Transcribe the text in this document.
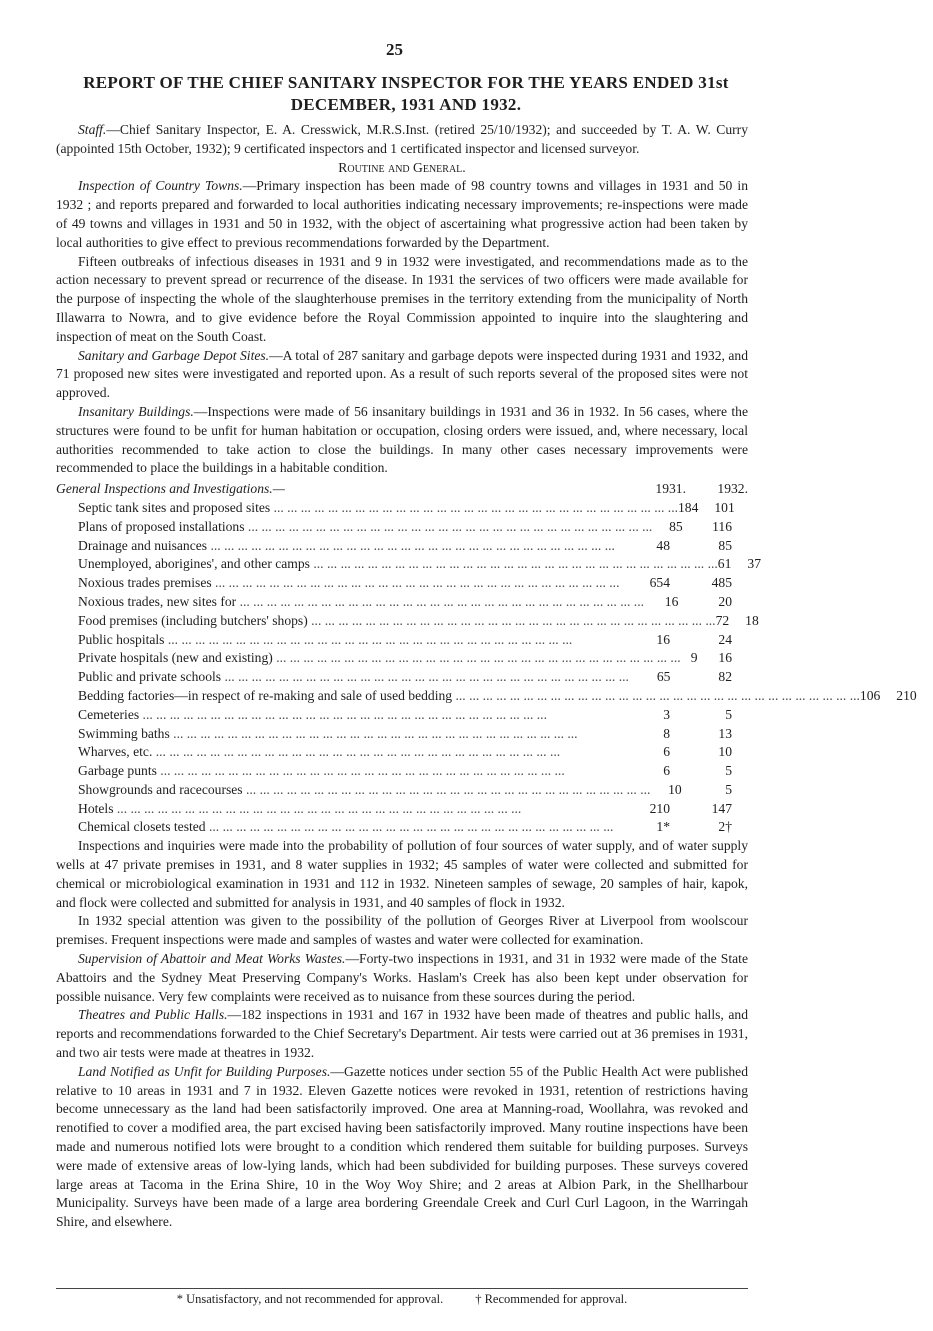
25
REPORT OF THE CHIEF SANITARY INSPECTOR FOR THE YEARS ENDED 31st DECEMBER, 1931 AND 1932.

Staff.—Chief Sanitary Inspector, E. A. Cresswick, M.R.S.Inst. (retired 25/10/1932); and succeeded by T. A. W. Curry (appointed 15th October, 1932); 9 certificated inspectors and 1 certificated inspector and licensed surveyor.

Routine and General.

Inspection of Country Towns.—Primary inspection has been made of 98 country towns and villages in 1931 and 50 in 1932 ; and reports prepared and forwarded to local authorities indicating necessary improvements; re-inspections were made of 49 towns and villages in 1931 and 50 in 1932, with the object of ascertaining what progressive action had been taken by local authorities to give effect to previous recommendations forwarded by the Department.

Fifteen outbreaks of infectious diseases in 1931 and 9 in 1932 were investigated, and recommendations made as to the action necessary to prevent spread or recurrence of the disease. In 1931 the services of two officers were made available for the purpose of inspecting the whole of the slaughterhouse premises in the territory extending from the municipality of North Illawarra to Nowra, and to give evidence before the Royal Commission appointed to inquire into the slaughtering and inspection of meat on the South Coast.

Sanitary and Garbage Depot Sites.—A total of 287 sanitary and garbage depots were inspected during 1931 and 1932, and 71 proposed new sites were investigated and reported upon. As a result of such reports several of the proposed sites were not approved.

Insanitary Buildings.—Inspections were made of 56 insanitary buildings in 1931 and 36 in 1932. In 56 cases, where the structures were found to be unfit for human habitation or occupation, closing orders were issued, and, where necessary, local authorities recommended to take action to close the buildings. In many other cases necessary improvements were recommended to place the buildings in a habitable condition.

General Inspections and Investigations.—	1931.	1932.
Septic tank sites and proposed sites ... ... ... ... ... ... ... ... ... ... ... ... ... ... ... ... ... ... ... ... ... ... ... ... ... ... ... ... ... ... 184	101
Plans of proposed installations ... ... ... ... ... ... ... ... ... ... ... ... ... ... ... ... ... ... ... ... ... ... ... ... ... ... ... ... ... ...	85	116
Drainage and nuisances ... ... ... ... ... ... ... ... ... ... ... ... ... ... ... ... ... ... ... ... ... ... ... ... ... ... ... ... ... ...	48	85
Unemployed, aborigines', and other camps ... ... ... ... ... ... ... ... ... ... ... ... ... ... ... ... ... ... ... ... ... ... ... ... ... ... ... ... ... ... 61	37
Noxious trades premises ... ... ... ... ... ... ... ... ... ... ... ... ... ... ... ... ... ... ... ... ... ... ... ... ... ... ... ... ... ...	654	485
Noxious trades, new sites for ... ... ... ... ... ... ... ... ... ... ... ... ... ... ... ... ... ... ... ... ... ... ... ... ... ... ... ... ... ...	16	20
Food premises (including butchers' shops) ... ... ... ... ... ... ... ... ... ... ... ... ... ... ... ... ... ... ... ... ... ... ... ... ... ... ... ... ... ... 72	18
Public hospitals ... ... ... ... ... ... ... ... ... ... ... ... ... ... ... ... ... ... ... ... ... ... ... ... ... ... ... ... ... ...	16	24
Private hospitals (new and existing) ... ... ... ... ... ... ... ... ... ... ... ... ... ... ... ... ... ... ... ... ... ... ... ... ... ... ... ... ... ... 9	16
Public and private schools ... ... ... ... ... ... ... ... ... ... ... ... ... ... ... ... ... ... ... ... ... ... ... ... ... ... ... ... ... ...	65	82
Bedding factories—in respect of re-making and sale of used bedding ... ... ... ... ... ... ... ... ... ... ... ... ... ... ... ... ... ... ... ... ... ... ... ... ... ... ... ... ... ... 106	210
Cemeteries ... ... ... ... ... ... ... ... ... ... ... ... ... ... ... ... ... ... ... ... ... ... ... ... ... ... ... ... ... ...	3	5
Swimming baths ... ... ... ... ... ... ... ... ... ... ... ... ... ... ... ... ... ... ... ... ... ... ... ... ... ... ... ... ... ...	8	13
Wharves, etc. ... ... ... ... ... ... ... ... ... ... ... ... ... ... ... ... ... ... ... ... ... ... ... ... ... ... ... ... ... ...	6	10
Garbage punts ... ... ... ... ... ... ... ... ... ... ... ... ... ... ... ... ... ... ... ... ... ... ... ... ... ... ... ... ... ...	6	5
Showgrounds and racecourses ... ... ... ... ... ... ... ... ... ... ... ... ... ... ... ... ... ... ... ... ... ... ... ... ... ... ... ... ... ...	10	5
Hotels ... ... ... ... ... ... ... ... ... ... ... ... ... ... ... ... ... ... ... ... ... ... ... ... ... ... ... ... ... ...	210	147
Chemical closets tested ... ... ... ... ... ... ... ... ... ... ... ... ... ... ... ... ... ... ... ... ... ... ... ... ... ... ... ... ... ...	1*	2†

Inspections and inquiries were made into the probability of pollution of four sources of water supply, and of water supply wells at 47 private premises in 1931, and 8 water supplies in 1932; 45 samples of water were collected and submitted for chemical or microbiological examination in 1931 and 112 in 1932. Nineteen samples of sewage, 20 samples of hair, kapok, and flock were collected and submitted for analysis in 1931, and 40 samples of flock in 1932.

In 1932 special attention was given to the possibility of the pollution of Georges River at Liverpool from woolscour premises. Frequent inspections were made and samples of wastes and water were collected for examination.

Supervision of Abattoir and Meat Works Wastes.—Forty-two inspections in 1931, and 31 in 1932 were made of the State Abattoirs and the Sydney Meat Preserving Company's Works. Haslam's Creek has also been kept under observation for possible nuisance. Very few complaints were received as to nuisance from these sources during the period.

Theatres and Public Halls.—182 inspections in 1931 and 167 in 1932 have been made of theatres and public halls, and reports and recommendations forwarded to the Chief Secretary's Department. Air tests were carried out at 36 premises in 1931, and two air tests were made at theatres in 1932.

Land Notified as Unfit for Building Purposes.—Gazette notices under section 55 of the Public Health Act were published relative to 10 areas in 1931 and 7 in 1932. Eleven Gazette notices were revoked in 1931, retention of restrictions having become unnecessary as the land had been satisfactorily improved. One area at Manning-road, Woollahra, was revoked and renotified to cover a modified area, the part excised having been satisfactorily improved. Many routine inspections have been made and numerous notified lots were brought to a condition which rendered them suitable for building purposes. Surveys were made of extensive areas of low-lying lands, which had been subdivided for building purposes. These surveys covered large areas at Tacoma in the Erina Shire, 10 in the Woy Woy Shire; and 2 areas at Albion Park, in the Shellharbour Municipality. Surveys have been made of a large area bordering Greendale Creek and Curl Curl Lagoon, in the Warringah Shire, and elsewhere.

* Unsatisfactory, and not recommended for approval.	† Recommended for approval.
